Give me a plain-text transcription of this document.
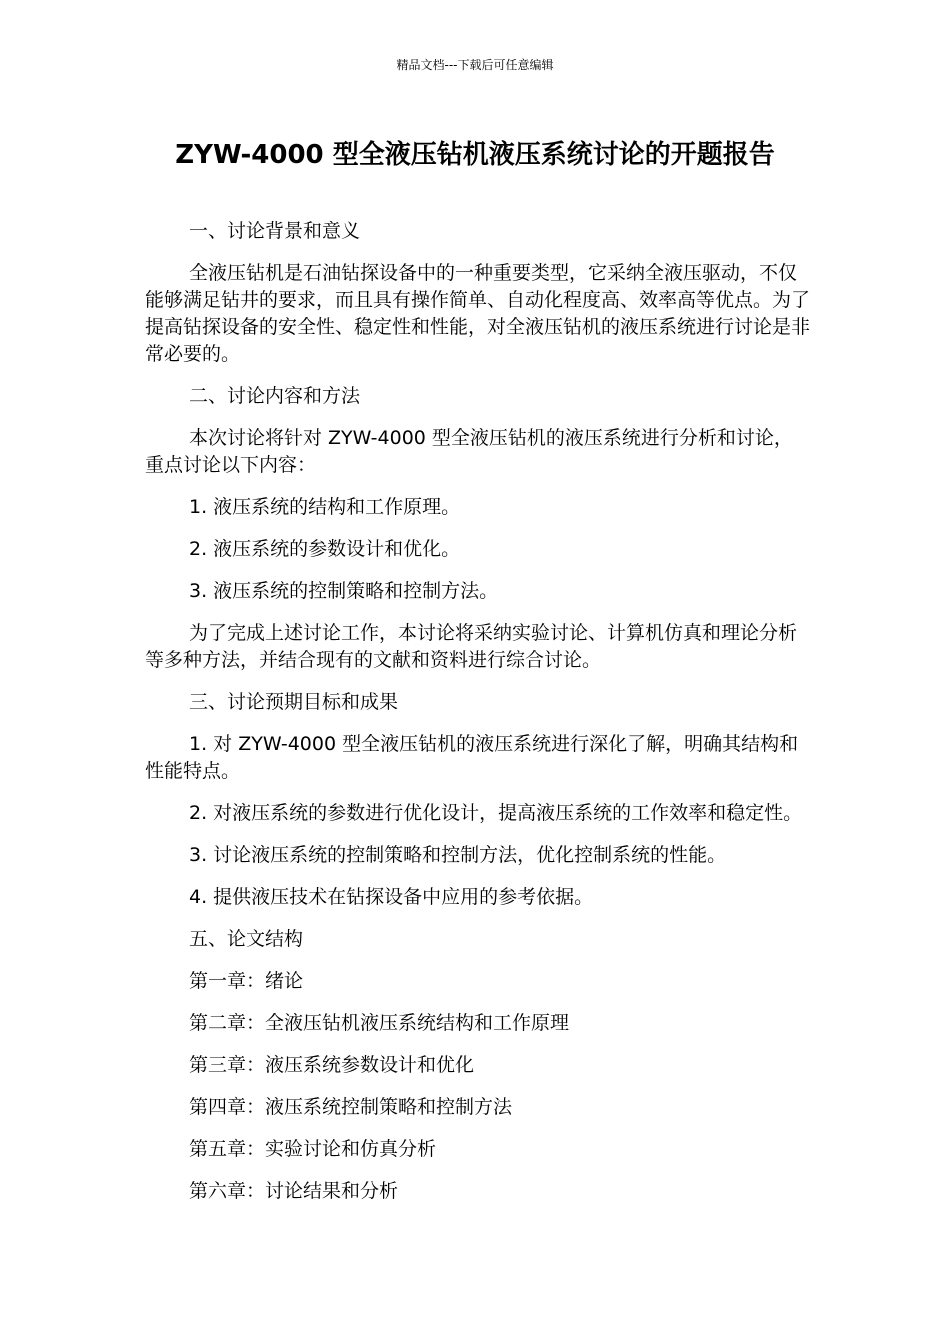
精品文档---下载后可任意编辑
ZYW-4000 型全液压钻机液压系统讨论的开题报告

一、讨论背景和意义

全液压钻机是石油钻探设备中的一种重要类型，它采纳全液压驱动，不仅能够满足钻井的要求，而且具有操作简单、自动化程度高、效率高等优点。为了提高钻探设备的安全性、稳定性和性能，对全液压钻机的液压系统进行讨论是非常必要的。

二、讨论内容和方法

本次讨论将针对 ZYW-4000 型全液压钻机的液压系统进行分析和讨论，重点讨论以下内容：

1. 液压系统的结构和工作原理。

2. 液压系统的参数设计和优化。

3. 液压系统的控制策略和控制方法。

为了完成上述讨论工作，本讨论将采纳实验讨论、计算机仿真和理论分析等多种方法，并结合现有的文献和资料进行综合讨论。

三、讨论预期目标和成果

1. 对 ZYW-4000 型全液压钻机的液压系统进行深化了解，明确其结构和性能特点。

2. 对液压系统的参数进行优化设计，提高液压系统的工作效率和稳定性。

3. 讨论液压系统的控制策略和控制方法，优化控制系统的性能。

4. 提供液压技术在钻探设备中应用的参考依据。

五、论文结构

第一章：绪论

第二章：全液压钻机液压系统结构和工作原理

第三章：液压系统参数设计和优化

第四章：液压系统控制策略和控制方法

第五章：实验讨论和仿真分析

第六章：讨论结果和分析
